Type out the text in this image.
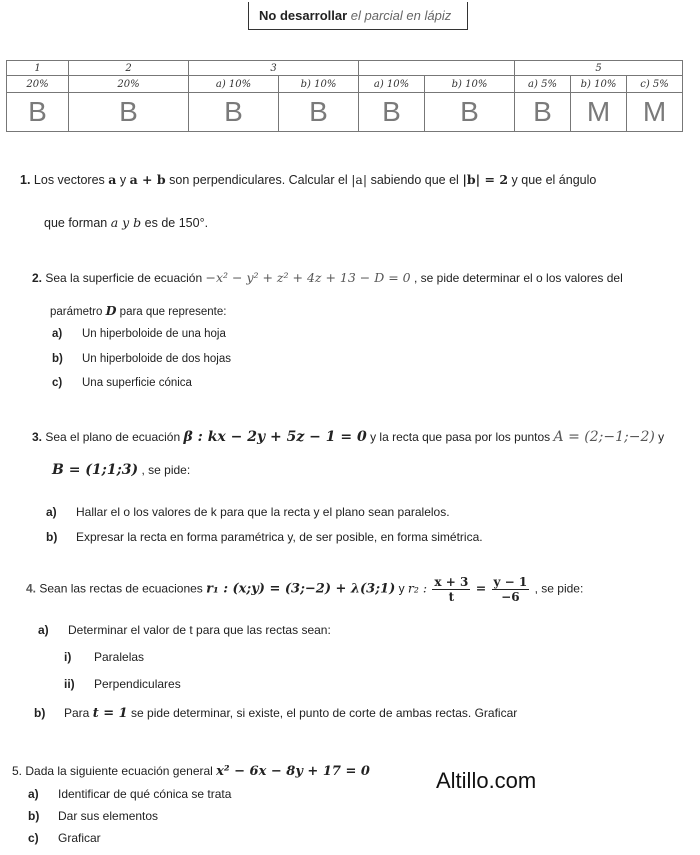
No desarrollar el parcial en lápiz
1	2	3				5		
20%	20%	a) 10%	b) 10%	a) 10%	b) 10%	a) 5%	b) 10%	c) 5%
B	B	B	B	B	B	B	M	M
1. Los vectores a y a + b son perpendiculares. Calcular el |a| sabiendo que el |b| = 2 y que el ángulo
que forman a y b es de 150°.
2. Sea la superficie de ecuación −x² − y² + z² + 4z + 13 − D = 0 , se pide determinar el o los valores del
parámetro D para que represente:
a) Un hiperboloide de una hoja
b) Un hiperboloide de dos hojas
c) Una superficie cónica
3. Sea el plano de ecuación β : kx − 2y + 5z − 1 = 0 y la recta que pasa por los puntos A = (2;−1;−2) y
B = (1;1;3) , se pide:
a) Hallar el o los valores de k para que la recta y el plano sean paralelos.
b) Expresar la recta en forma paramétrica y, de ser posible, en forma simétrica.
4. Sean las rectas de ecuaciones r₁ : (x;y) = (3;−2) + λ(3;1) y r₂ : $\frac{x + 3}{t} = \frac{y - 1}{-6}$ , se pide:
a) Determinar el valor de t para que las rectas sean:
i) Paralelas
ii) Perpendiculares
b) Para t = 1 se pide determinar, si existe, el punto de corte de ambas rectas. Graficar
5. Dada la siguiente ecuación general x² − 6x − 8y + 17 = 0
a) Identificar de qué cónica se trata
b) Dar sus elementos
c) Graficar
Altillo.com
